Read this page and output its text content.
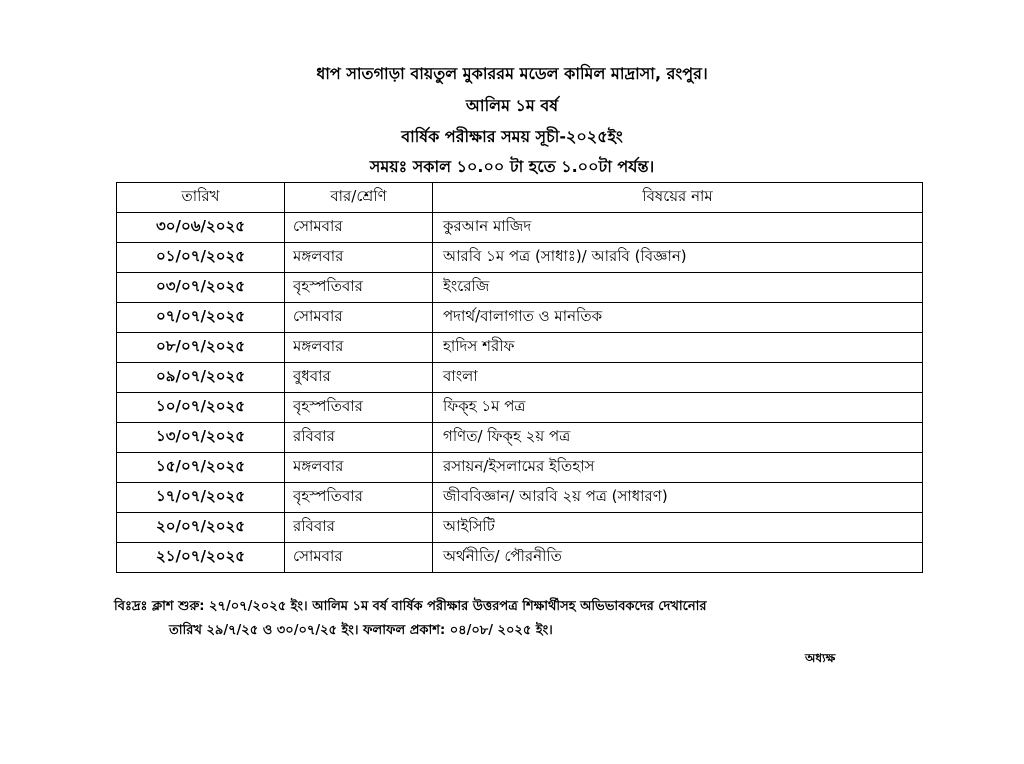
ধাপ সাতগাড়া বায়তুল মুকাররম মডেল কামিল মাদ্রাসা, রংপুর।
আলিম ১ম বর্ষ
বার্ষিক পরীক্ষার সময় সূচী-২০২৫ইং
সময়ঃ সকাল ১০.০০ টা হতে ১.০০টা পর্যন্ত।
তারিখ	বার/শ্রেণি	বিষয়ের নাম
৩০/০৬/২০২৫	সোমবার	কুরআন মাজিদ
০১/০৭/২০২৫	মঙ্গলবার	আরবি ১ম পত্র (সাধাঃ)/ আরবি (বিজ্ঞান)
০৩/০৭/২০২৫	বৃহস্পতিবার	ইংরেজি
০৭/০৭/২০২৫	সোমবার	পদার্থ/বালাগাত ও মানতিক
০৮/০৭/২০২৫	মঙ্গলবার	হাদিস শরীফ
০৯/০৭/২০২৫	বুধবার	বাংলা
১০/০৭/২০২৫	বৃহস্পতিবার	ফিক্‌হ ১ম পত্র
১৩/০৭/২০২৫	রবিবার	গণিত/ ফিক্‌হ ২য় পত্র
১৫/০৭/২০২৫	মঙ্গলবার	রসায়ন/ইসলামের ইতিহাস
১৭/০৭/২০২৫	বৃহস্পতিবার	জীববিজ্ঞান/ আরবি ২য় পত্র (সাধারণ)
২০/০৭/২০২৫	রবিবার	আইসিটি
২১/০৭/২০২৫	সোমবার	অর্থনীতি/ পৌরনীতি
বিঃদ্রঃ ক্লাশ শুরু: ২৭/০৭/২০২৫ ইং। আলিম ১ম বর্ষ বার্ষিক পরীক্ষার উত্তরপত্র শিক্ষার্থীসহ অভিভাবকদের দেখানোর
তারিখ ২৯/৭/২৫ ও ৩০/০৭/২৫ ইং। ফলাফল প্রকাশ: ০৪/০৮/ ২০২৫ ইং।
অধ্যক্ষ
